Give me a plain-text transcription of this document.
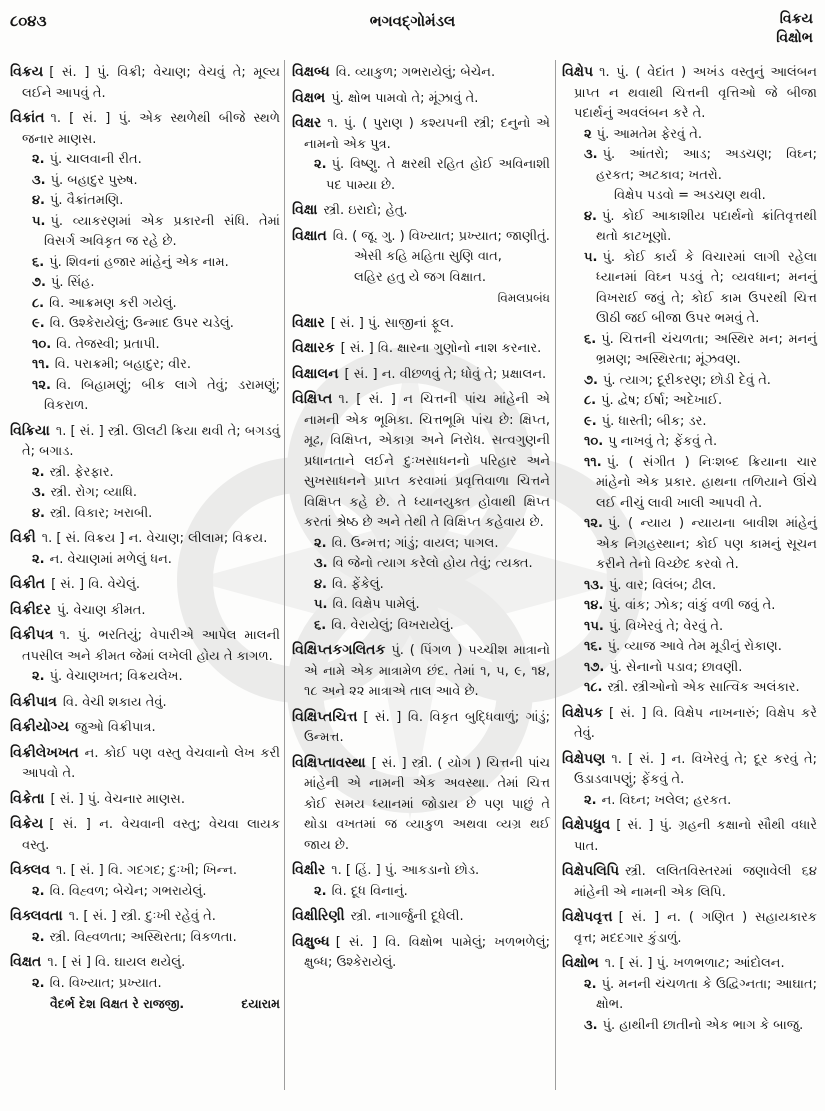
૮૦૪૩	ભગવદ્ગોમંડલ	વિક્રય
વિક્ષોભ
વિક્રય [ સં. ] પું. વિક્રી; વેચાણ; વેચવું તે; મૂલ્ય લઈને આપવું તે.
વિક્રાંત ૧. [ સં. ] પું. એક સ્થળેથી બીજે સ્થળે જનાર માણસ.
૨. પું. ચાલવાની રીત.
૩. પું. બહાદુર પુરુષ.
૪. પું. વૈક્રાંતમણિ.
૫. પું. વ્યાકરણમાં એક પ્રકારની સંધિ. તેમાં વિસર્ગ અવિકૃત જ રહે છે.
૬. પું. શિવનાં હજાર માંહેનું એક નામ.
૭. પું. સિંહ.
૮. વિ. આક્રમણ કરી ગયેલું.
૯. વિ. ઉશ્કેરાયેલું; ઉન્માદ ઉપર ચડેલું.
૧૦. વિ. તેજસ્વી; પ્રતાપી.
૧૧. વિ. પરાક્રમી; બહાદુર; વીર.
૧૨. વિ. બિહામણું; બીક લાગે તેવું; ડરામણું; વિકરાળ.
વિક્રિયા ૧. [ સં. ] સ્ત્રી. ઊલટી ક્રિયા થવી તે; બગડવું તે; બગાડ.
૨. સ્ત્રી. ફેરફાર.
૩. સ્ત્રી. રોગ; વ્યાધિ.
૪. સ્ત્રી. વિકાર; ખરાબી.
વિક્રી ૧. [ સં. વિક્રય ] ન. વેચાણ; લીલામ; વિક્રય.
૨. ન. વેચાણમાં મળેલું ધન.
વિક્રીત [ સં. ] વિ. વેચેલું.
વિક્રીદર પું. વેચાણ કીમત.
વિક્રીપત્ર ૧. પું. ભરતિયું; વેપારીએ આપેલ માલની તપસીલ અને કીમત જેમાં લખેલી હોય તે કાગળ.
૨. પું. વેચાણખત; વિક્રયલેખ.
વિક્રીપાત્ર વિ. વેચી શકાય તેવું.
વિક્રીયોગ્ય જુઓ વિક્રીપાત્ર.
વિક્રીલેખખત ન. કોઈ પણ વસ્તુ વેચવાનો લેખ કરી આપવો તે.
વિક્રેતા [ સં. ] પું. વેચનાર માણસ.
વિક્રેય [ સં. ] ન. વેચવાની વસ્તુ; વેચવા લાયક વસ્તુ.
વિક્લવ ૧. [ સં. ] વિ. ગદગદ; દુઃખી; ખિન્ન.
૨. વિ. વિહ્વળ; બેચેન; ગભરાયેલું.
વિક્લવતા ૧. [ સં. ] સ્ત્રી. દુઃખી રહેવું તે.
૨. સ્ત્રી. વિહ્વળતા; અસ્થિરતા; વિકળતા.
વિક્ષત ૧. [ સં ] વિ. ઘાયલ થયેલું.
૨. વિ. વિખ્યાત; પ્રખ્યાત.
વૈદર્ભ દેશ વિક્ષત રે રાજજી.	દયારામ
વિક્ષબ્ધ વિ. વ્યાકુળ; ગભરાયેલું; બેચેન.
વિક્ષભ પું. ક્ષોભ પામવો તે; મૂંઝાવું તે.
વિક્ષર ૧. પું. ( પુરાણ ) કશ્યપની સ્ત્રી; દનુનો એ નામનો એક પુત્ર.
૨. પું. વિષ્ણુ. તે ક્ષરથી રહિત હોઈ અવિનાશી પદ પામ્યા છે.
વિક્ષા સ્ત્રી. ઇરાદો; હેતુ.
વિક્ષાત વિ. ( જૂ. ગુ. ) વિખ્યાત; પ્રખ્યાત; જાણીતું.
એસી કહિ મહિતા સુણિ વાત,
લહિર હતુ યે જગ વિક્ષાત.
વિમલપ્રબંધ
વિક્ષાર [ સં. ] પું. સાજીનાં ફૂલ.
વિક્ષારક [ સં. ] વિ. ક્ષારના ગુણોનો નાશ કરનાર.
વિક્ષાલન [ સં. ] ન. વીછળવું તે; ધોવું તે; પ્રક્ષાલન.
વિક્ષિપ્ત ૧. [ સં. ] ન ચિત્તની પાંચ માંહેની એ નામની એક ભૂમિકા. ચિત્તભૂમિ પાંચ છે: ક્ષિપ્ત, મૂઢ, વિક્ષિપ્ત, એકાગ્ર અને નિરોધ. સત્વગુણની પ્રધાનતાને લઈને દુઃખસાધનનો પરિહાર અને સુખસાધનને પ્રાપ્ત કરવામાં પ્રવૃત્તિવાળા ચિત્તને વિક્ષિપ્ત કહે છે. તે ધ્યાનયુક્ત હોવાથી ક્ષિપ્ત કરતાં શ્રેષ્ઠ છે અને તેથી તે વિક્ષિપ્ત કહેવાય છે.
૨. વિ. ઉન્મત્ત; ગાંડું; વાયલ; પાગલ.
૩. વિ જેનો ત્યાગ કરેલો હોય તેવું; ત્યક્ત.
૪. વિ. ફેંકેલું.
૫. વિ. વિક્ષેપ પામેલું.
૬. વિ. વેરાયેલું; વિખરાયેલું.
વિક્ષિપ્તકગલિતક પું. ( પિંગળ ) પચ્ચીશ માત્રાનો એ નામે એક માત્રામેળ છંદ. તેમાં ૧, ૫, ૯, ૧૪, ૧૮ અને ૨૨ માત્રાએ તાલ આવે છે.
વિક્ષિપ્તચિત્ત [ સં. ] વિ. વિકૃત બુદ્ધિવાળું; ગાંડું; ઉન્મત્ત.
વિક્ષિપ્તાવસ્થા [ સં. ] સ્ત્રી. ( યોગ ) ચિત્તની પાંચ માંહેની એ નામની એક અવસ્થા. તેમાં ચિત્ત કોઈ સમય ધ્યાનમાં જોડાય છે પણ પાછું તે થોડા વખતમાં જ વ્યાકુળ અથવા વ્યગ્ર થઈ જાય છે.
વિક્ષીર ૧. [ હિં. ] પું. આકડાનો છોડ.
૨. વિ. દૂધ વિનાનું.
વિક્ષીરિણી સ્ત્રી. નાગાર્જુની દૂધેલી.
વિક્ષુબ્ધ [ સં. ] વિ. વિક્ષોભ પામેલું; ખળભળેલું; ક્ષુબ્ધ; ઉશ્કેરાયેલું.
વિક્ષેપ ૧. પું. ( વેદાંત ) અખંડ વસ્તુનું આલંબન પ્રાપ્ત ન થવાથી ચિત્તની વૃત્તિઓ જે બીજા પદાર્થનું અવલંબન કરે તે.
૨ પું. આમતેમ ફેરવું તે.
૩. પું. આંતરો; આડ; અડચણ; વિઘ્ન; હરકત; અટકાવ; ખતરો.
વિક્ષેપ પડવો = અડચણ થવી.
૪. પું. કોઈ આકાશીય પદાર્થનો ક્રાંતિવૃત્તથી થતો કાટખૂણો.
૫. પું. કોઈ કાર્ય કે વિચારમાં લાગી રહેલા ધ્યાનમાં વિઘ્ન પડવું તે; વ્યવધાન; મનનું વિખરાઈ જવું તે; કોઈ કામ ઉપરથી ચિત્ત ઊઠી જઈ બીજા ઉપર ભમવું તે.
૬. પું. ચિત્તની ચંચળતા; અસ્થિર મન; મનનું ભ્રમણ; અસ્થિરતા; મૂંઝવણ.
૭. પું. ત્યાગ; દૂરીકરણ; છોડી દેવું તે.
૮. પું. દ્વેષ; ઈર્ષા; અદેખાઈ.
૯. પું. ધાસ્તી; બીક; ડર.
૧૦. પુ નાખવું તે; ફેંકવું તે.
૧૧. પું. ( સંગીત ) નિઃશબ્દ ક્રિયાના ચાર માંહેનો એક પ્રકાર. હાથના તળિયાને ઊંચે લઈ નીચું લાવી ખાલી આપવી તે.
૧૨. પું. ( ન્યાય ) ન્યાયના બાવીશ માંહેનું એક નિગ્રહસ્થાન; કોઈ પણ કામનું સૂચન કરીને તેનો વિચ્છેદ કરવો તે.
૧૩. પું. વાર; વિલંબ; ઢીલ.
૧૪. પું. વાંક; ઝોક; વાંકું વળી જવું તે.
૧૫. પું. વિખેરવું તે; વેરવું તે.
૧૬. પું. વ્યાજ આવે તેમ મૂડીનું રોકાણ.
૧૭. પું. સેનાનો પડાવ; છાવણી.
૧૮. સ્ત્રી. સ્ત્રીઓનો એક સાત્વિક અલંકાર.
વિક્ષેપક [ સં. ] વિ. વિક્ષેપ નાખનારું; વિક્ષેપ કરે તેવું.
વિક્ષેપણ ૧. [ સં. ] ન. વિખેરવું તે; દૂર કરવું તે; ઉડાડવાપણું; ફેંકવું તે.
૨. ન. વિઘ્ન; ખલેલ; હરકત.
વિક્ષેપધ્રુવ [ સં. ] પું. ગ્રહની કક્ષાનો સૌથી વધારે પાત.
વિક્ષેપલિપિ સ્ત્રી. લલિતવિસ્તરમાં જણાવેલી ૬૪ માંહેની એ નામની એક લિપિ.
વિક્ષેપવૃત્ત [ સં. ] ન. ( ગણિત ) સહાયકારક વૃત્ત; મદદગાર કુંડાળું.
વિક્ષોભ ૧. [ સં. ] પું. ખળભળાટ; આંદોલન.
૨. પું. મનની ચંચળતા કે ઉદ્વિગ્નતા; આઘાત; ક્ષોભ.
૩. પું. હાથીની છાતીનો એક ભાગ કે બાજુ.
